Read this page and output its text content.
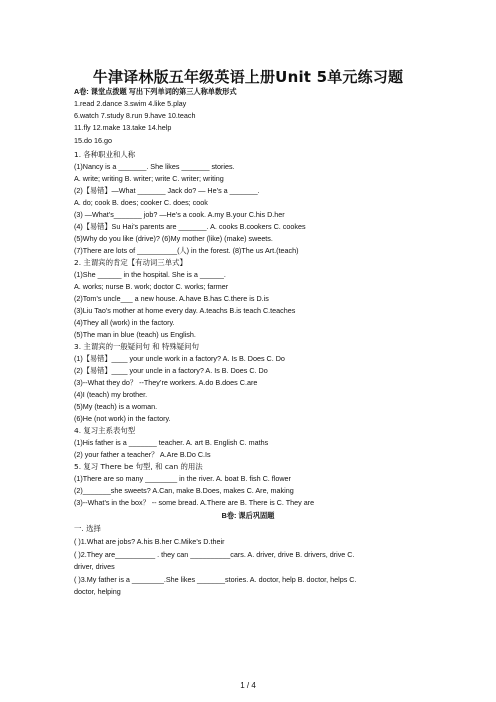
牛津译林版五年级英语上册Unit 5单元练习题
A卷: 课堂点拨题 写出下列单词的第三人称单数形式
1.read 2.dance 3.swim 4.like 5.play
6.watch 7.study 8.run 9.have 10.teach
11.fly 12.make 13.take 14.help
15.do 16.go
1. 各种职业和人称
(1)Nancy is a _______. She likes _______ stories.
A. write; writing B. writer; write C. writer; writing
(2)【易错】—What _______ Jack do? — He’s a _______.
A. do; cook B. does; cooker C. does; cook
(3) —What’s_______ job? —He’s a cook. A.my B.your C.his D.her
(4)【易错】Su Hai’s parents are _______. A. cooks B.cookers C. cookes
(5)Why do you like (drive)? (6)My mother (like) (make) sweets.
(7)There are lots of __________(人) in the forest. (8)The us Art.(teach)
2. 主谓宾的肯定【有动词三单式】
(1)She ______ in the hospital. She is a ______.
A. works; nurse B. work; doctor C. works; farmer
(2)Tom’s uncle___ a new house. A.have B.has C.there is D.is
(3)Liu Tao’s mother at home every day. A.teachs B.is teach C.teaches
(4)They all (work) in the factory.
(5)The man in blue (teach) us English.
3. 主谓宾的一般疑问句 和 特殊疑问句
(1)【易错】____ your uncle work in a factory? A. Is B. Does C. Do
(2)【易错】____ your uncle in a factory? A. Is B. Does C. Do
(3)--What they do？ --They’re workers. A.do B.does C.are
(4)I (teach) my brother.
(5)My (teach) is a woman.
(6)He (not work) in the factory.
4. 复习主系表句型
(1)His father is a _______ teacher. A. art B. English C. maths
(2) your father a teacher？ A.Are B.Do C.Is
5. 复习 There be 句型, 和 can 的用法
(1)There are so many ________ in the river. A. boat B. fish C. flower
(2)_______she sweets? A.Can, make B.Does, makes C. Are, making
(3)--What’s in the box？ -- some bread. A.There are B. There is C. They are
B卷: 课后巩固题
一. 选择
( )1.What are jobs? A.his B.her C.Mike’s D.their
( )2.They are__________ . they can __________cars. A. driver, drive B. drivers, drive C.
driver, drives
( )3.My father is a ________.She likes _______stories. A. doctor, help B. doctor, helps C.
doctor, helping
1 / 4
